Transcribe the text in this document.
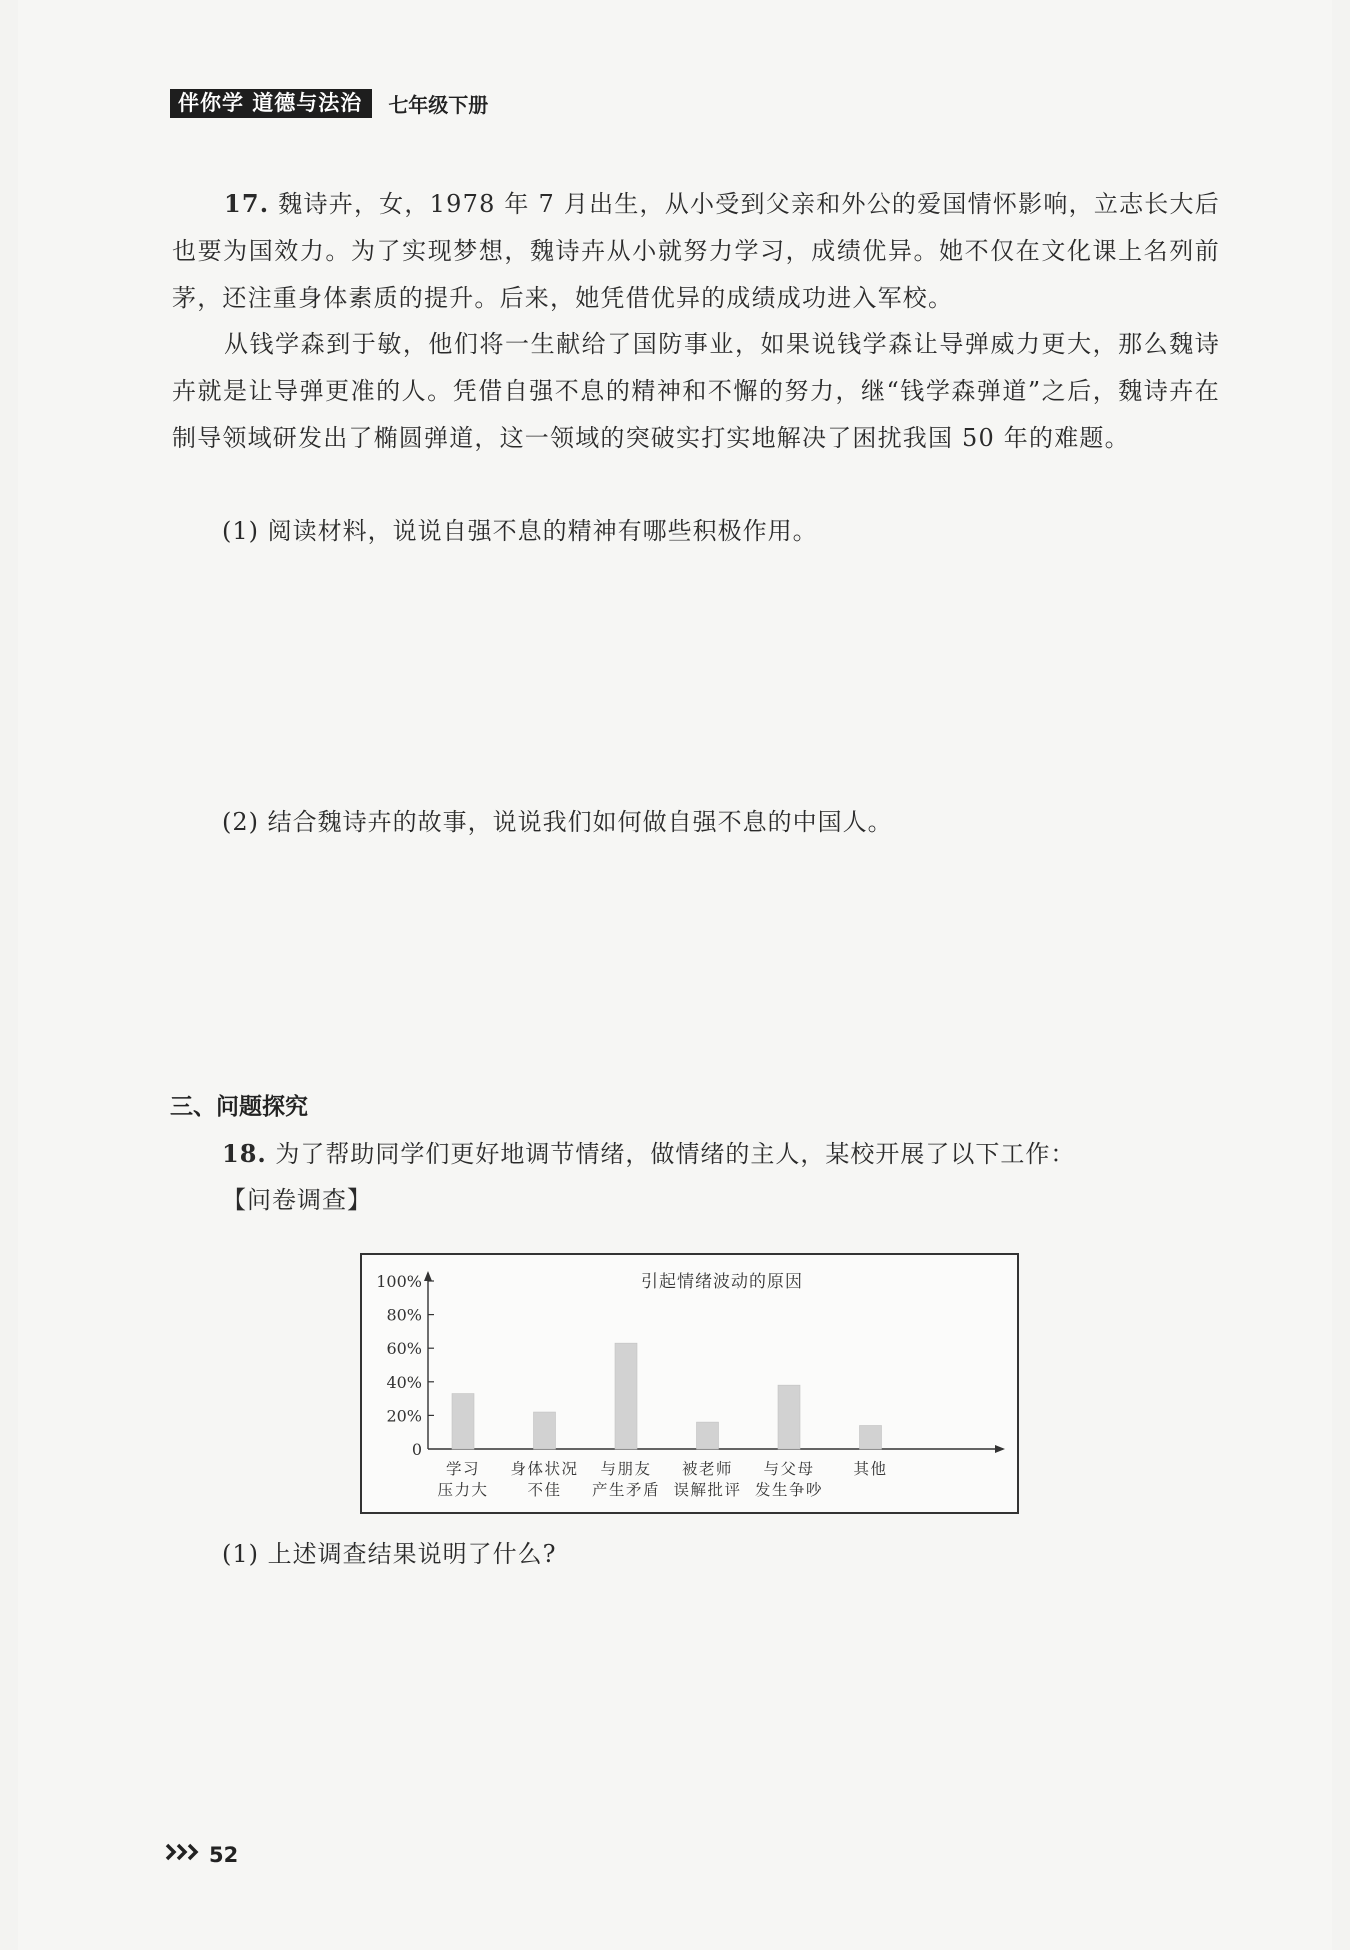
伴你学 道德与法治	七年级下册

17. 魏诗卉，女，1978 年 7 月出生，从小受到父亲和外公的爱国情怀影响，立志长大后也要为国效力。为了实现梦想，魏诗卉从小就努力学习，成绩优异。她不仅在文化课上名列前茅，还注重身体素质的提升。后来，她凭借优异的成绩成功进入军校。

从钱学森到于敏，他们将一生献给了国防事业，如果说钱学森让导弹威力更大，那么魏诗卉就是让导弹更准的人。凭借自强不息的精神和不懈的努力，继“钱学森弹道”之后，魏诗卉在制导领域研发出了椭圆弹道，这一领域的突破实打实地解决了困扰我国 50 年的难题。

(1) 阅读材料，说说自强不息的精神有哪些积极作用。

(2) 结合魏诗卉的故事，说说我们如何做自强不息的中国人。

三、问题探究

18. 为了帮助同学们更好地调节情绪，做情绪的主人，某校开展了以下工作：

【问卷调查】

引起情绪波动的原因
0
20%
40%
60%
80%
100%
学习
压力大
身体状况
不佳
与朋友
产生矛盾
被老师
误解批评
与父母
发生争吵
其他

(1) 上述调查结果说明了什么?

52
